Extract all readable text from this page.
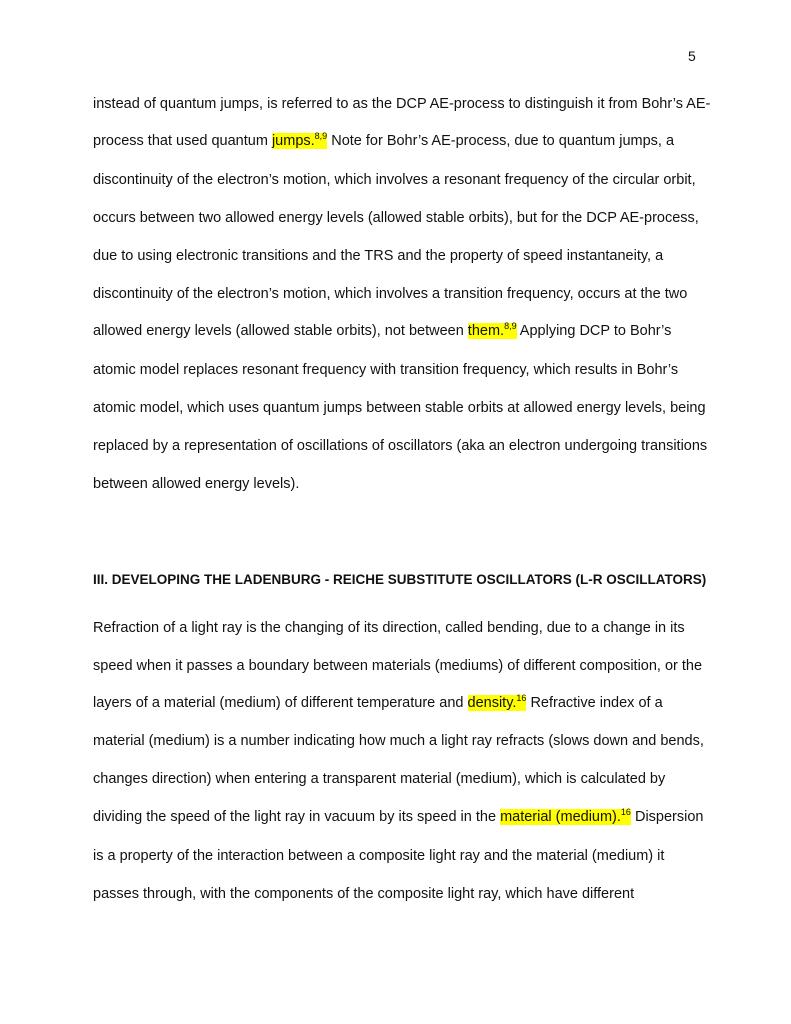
5
instead of quantum jumps, is referred to as the DCP AE-process to distinguish it from Bohr’s AE-
process that used quantum jumps.$^{8,9}$ Note for Bohr’s AE-process, due to quantum jumps, a
discontinuity of the electron’s motion, which involves a resonant frequency of the circular orbit,
occurs between two allowed energy levels (allowed stable orbits), but for the DCP AE-process,
due to using electronic transitions and the TRS and the property of speed instantaneity, a
discontinuity of the electron’s motion, which involves a transition frequency, occurs at the two
allowed energy levels (allowed stable orbits), not between them.$^{8,9}$ Applying DCP to Bohr’s
atomic model replaces resonant frequency with transition frequency, which results in Bohr’s
atomic model, which uses quantum jumps between stable orbits at allowed energy levels, being
replaced by a representation of oscillations of oscillators (aka an electron undergoing transitions
between allowed energy levels).
III. DEVELOPING THE LADENBURG - REICHE SUBSTITUTE OSCILLATORS (L-R OSCILLATORS)
Refraction of a light ray is the changing of its direction, called bending, due to a change in its
speed when it passes a boundary between materials (mediums) of different composition, or the
layers of a material (medium) of different temperature and density.$^{16}$ Refractive index of a
material (medium) is a number indicating how much a light ray refracts (slows down and bends,
changes direction) when entering a transparent material (medium), which is calculated by
dividing the speed of the light ray in vacuum by its speed in the material (medium).$^{16}$ Dispersion
is a property of the interaction between a composite light ray and the material (medium) it
passes through, with the components of the composite light ray, which have different
